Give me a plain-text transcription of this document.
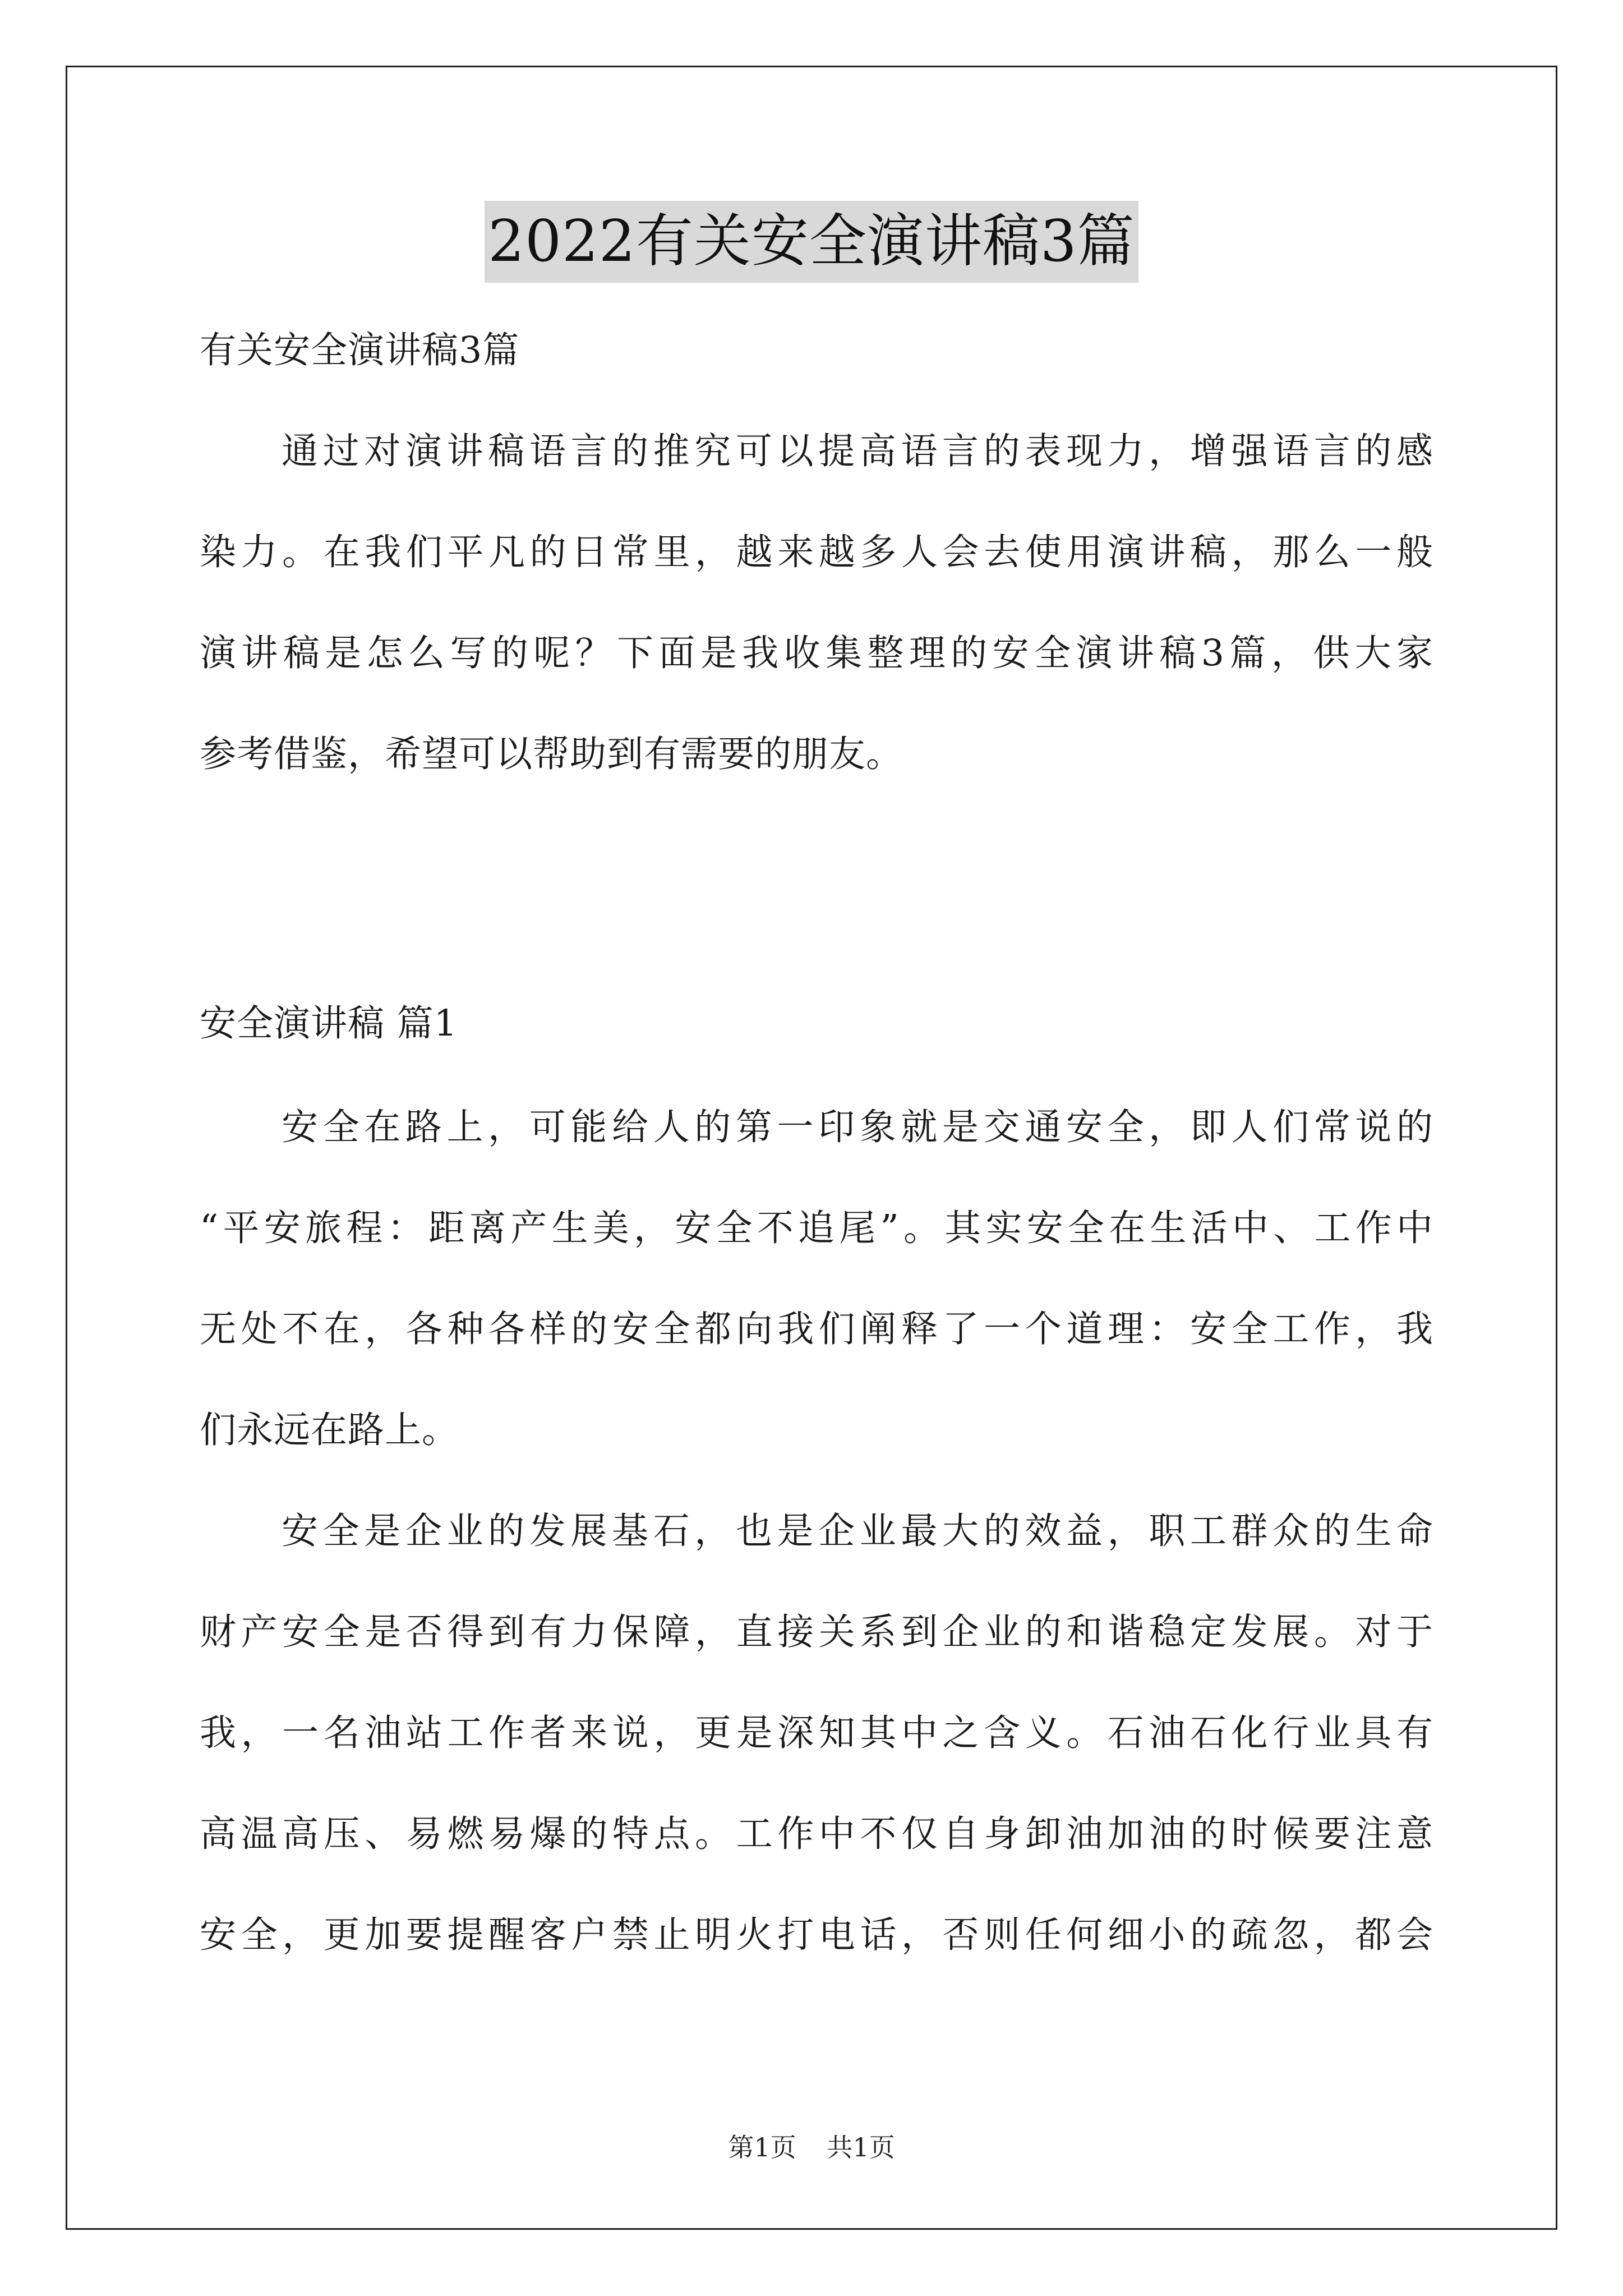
2022有关安全演讲稿3篇
有关安全演讲稿3篇
通过对演讲稿语言的推究可以提高语言的表现力，增强语言的感
染力。在我们平凡的日常里，越来越多人会去使用演讲稿，那么一般
演讲稿是怎么写的呢？下面是我收集整理的安全演讲稿3篇，供大家
参考借鉴，希望可以帮助到有需要的朋友。
安全演讲稿 篇1
安全在路上，可能给人的第一印象就是交通安全，即人们常说的
“平安旅程：距离产生美，安全不追尾”。其实安全在生活中、工作中
无处不在，各种各样的安全都向我们阐释了一个道理：安全工作，我
们永远在路上。
安全是企业的发展基石，也是企业最大的效益，职工群众的生命
财产安全是否得到有力保障，直接关系到企业的和谐稳定发展。对于
我，一名油站工作者来说，更是深知其中之含义。石油石化行业具有
高温高压、易燃易爆的特点。工作中不仅自身卸油加油的时候要注意
安全，更加要提醒客户禁止明火打电话，否则任何细小的疏忽，都会
第1页 共1页
